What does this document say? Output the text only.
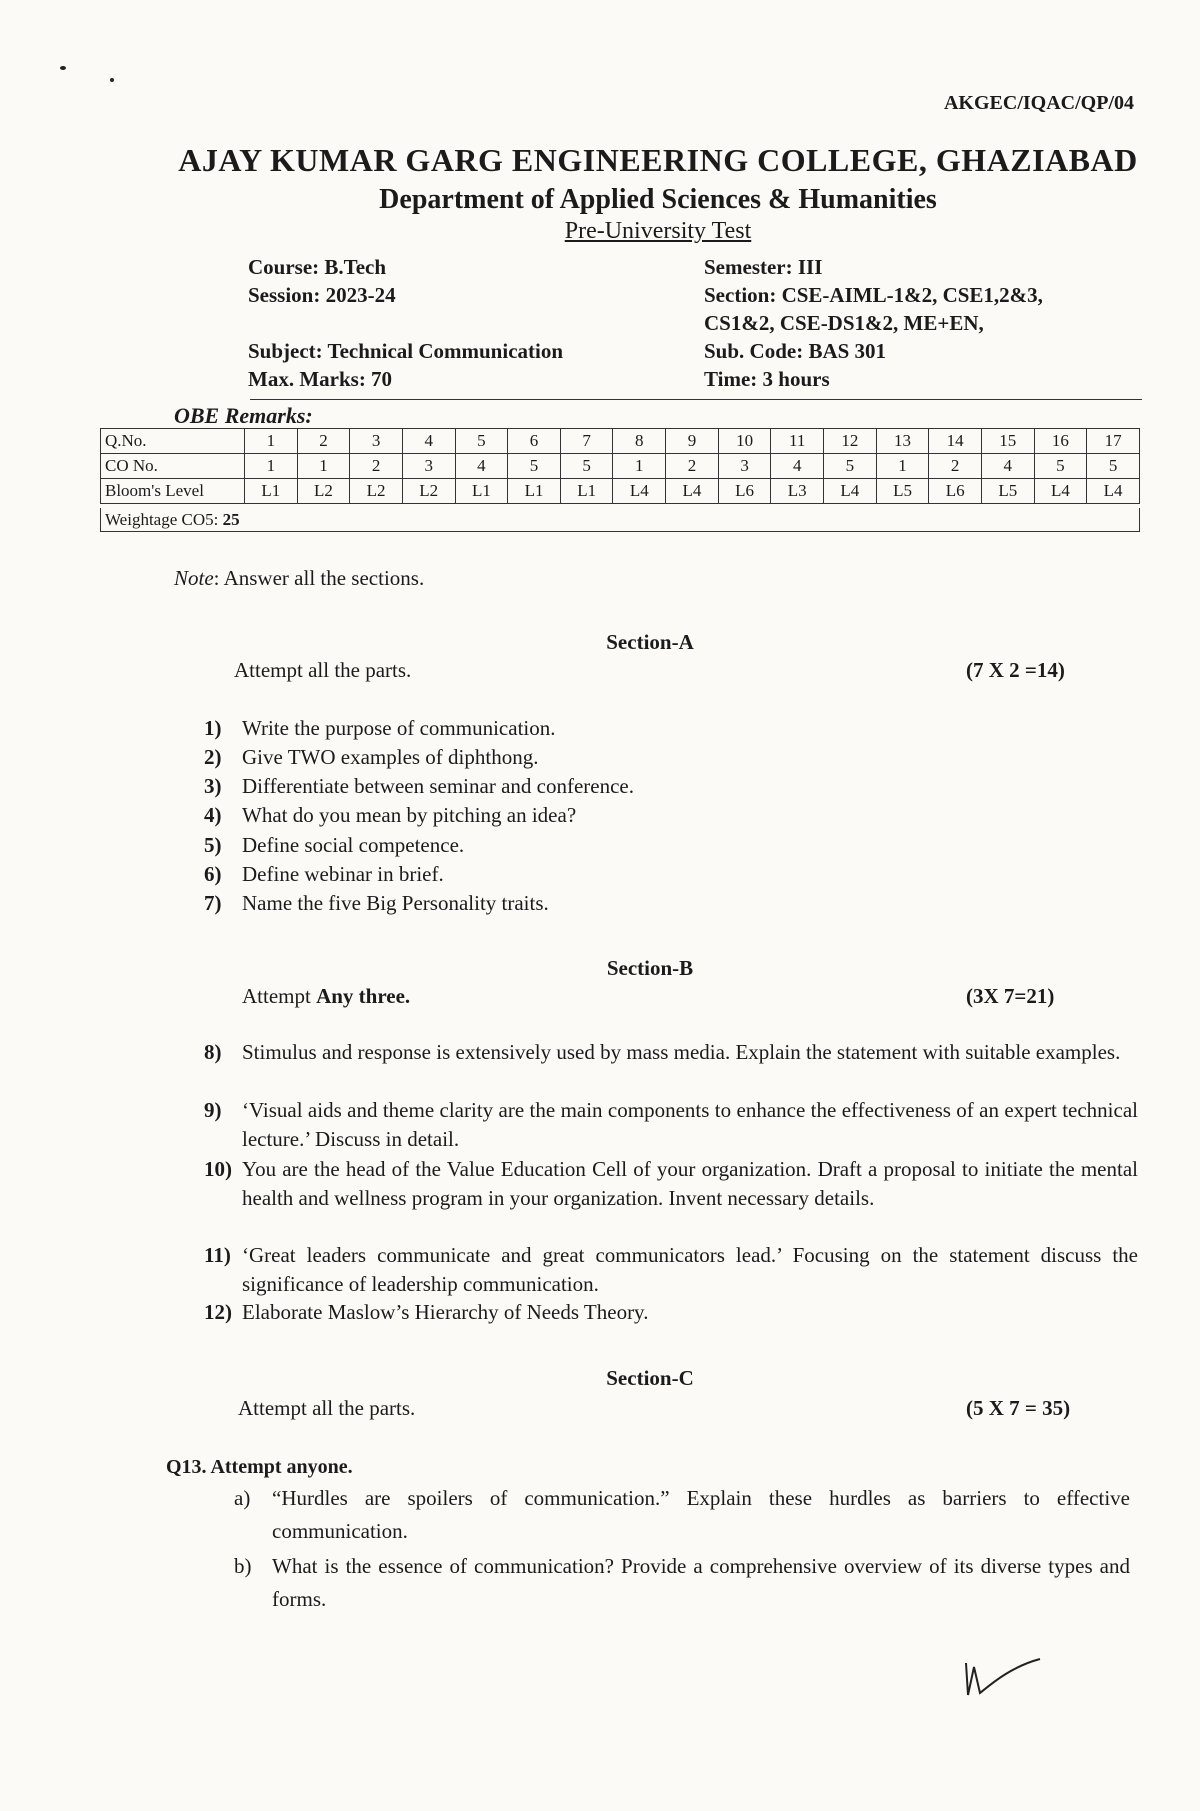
AKGEC/IQAC/QP/04
AJAY KUMAR GARG ENGINEERING COLLEGE, GHAZIABAD
Department of Applied Sciences & Humanities
Pre-University Test
Course: B.Tech
Session: 2023-24
Subject: Technical Communication
Max. Marks: 70
Semester: III
Section: CSE-AIML-1&2, CSE1,2&3,
CS1&2, CSE-DS1&2, ME+EN,
Sub. Code: BAS 301
Time: 3 hours
OBE Remarks:
Q.No.	1	2	3	4	5	6	7	8	9	10	11	12	13	14	15	16	17
CO No.	1	1	2	3	4	5	5	1	2	3	4	5	1	2	4	5	5
Bloom's Level	L1	L2	L2	L2	L1	L1	L1	L4	L4	L6	L3	L4	L5	L6	L5	L4	L4
Weightage CO5: 25
Note: Answer all the sections.
Section-A
Attempt all the parts.	(7 X 2 =14)
1) Write the purpose of communication.
2) Give TWO examples of diphthong.
3) Differentiate between seminar and conference.
4) What do you mean by pitching an idea?
5) Define social competence.
6) Define webinar in brief.
7) Name the five Big Personality traits.
Section-B
Attempt Any three.	(3X 7=21)
8) Stimulus and response is extensively used by mass media. Explain the statement with suitable examples.
9) ‘Visual aids and theme clarity are the main components to enhance the effectiveness of an expert technical lecture.’ Discuss in detail.
10) You are the head of the Value Education Cell of your organization. Draft a proposal to initiate the mental health and wellness program in your organization. Invent necessary details.
11) ‘Great leaders communicate and great communicators lead.’ Focusing on the statement discuss the significance of leadership communication.
12) Elaborate Maslow’s Hierarchy of Needs Theory.
Section-C
Attempt all the parts.	(5 X 7 = 35)
Q13. Attempt anyone.
a) “Hurdles are spoilers of communication.” Explain these hurdles as barriers to effective communication.
b) What is the essence of communication? Provide a comprehensive overview of its diverse types and forms.
